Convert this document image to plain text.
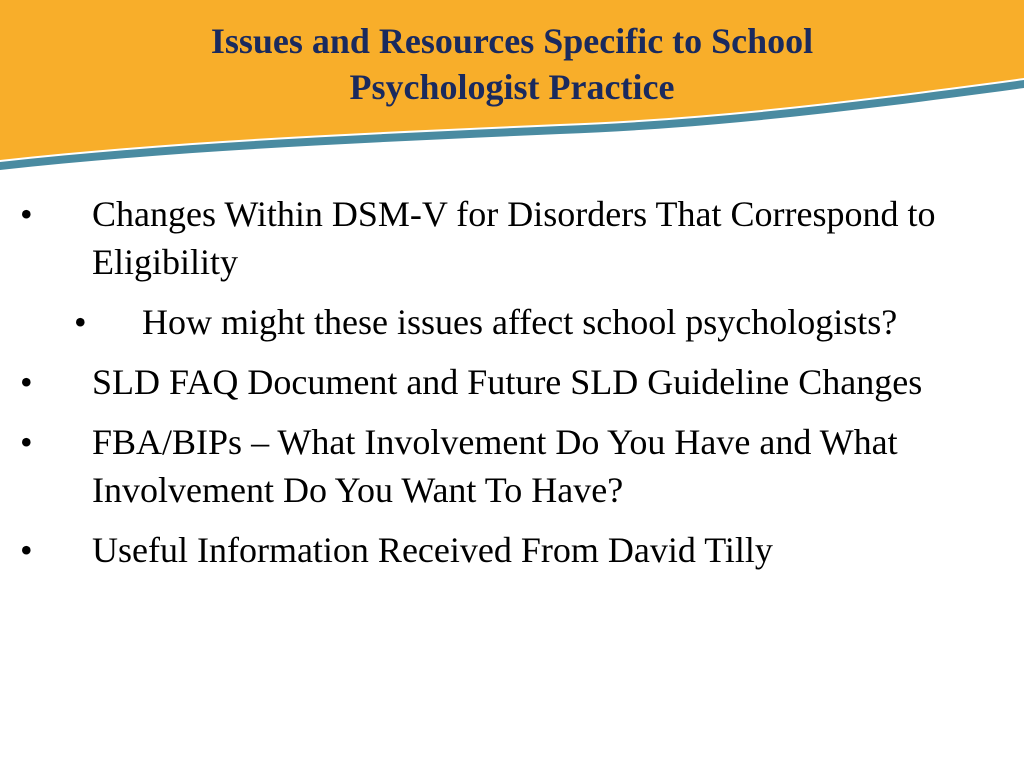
Issues and Resources Specific to School
Psychologist Practice
• Changes Within DSM-V for Disorders That Correspond to Eligibility
• How might these issues affect school psychologists?
• SLD FAQ Document and Future SLD Guideline Changes
• FBA/BIPs – What Involvement Do You Have and What Involvement Do You Want To Have?
• Useful Information Received From David Tilly
